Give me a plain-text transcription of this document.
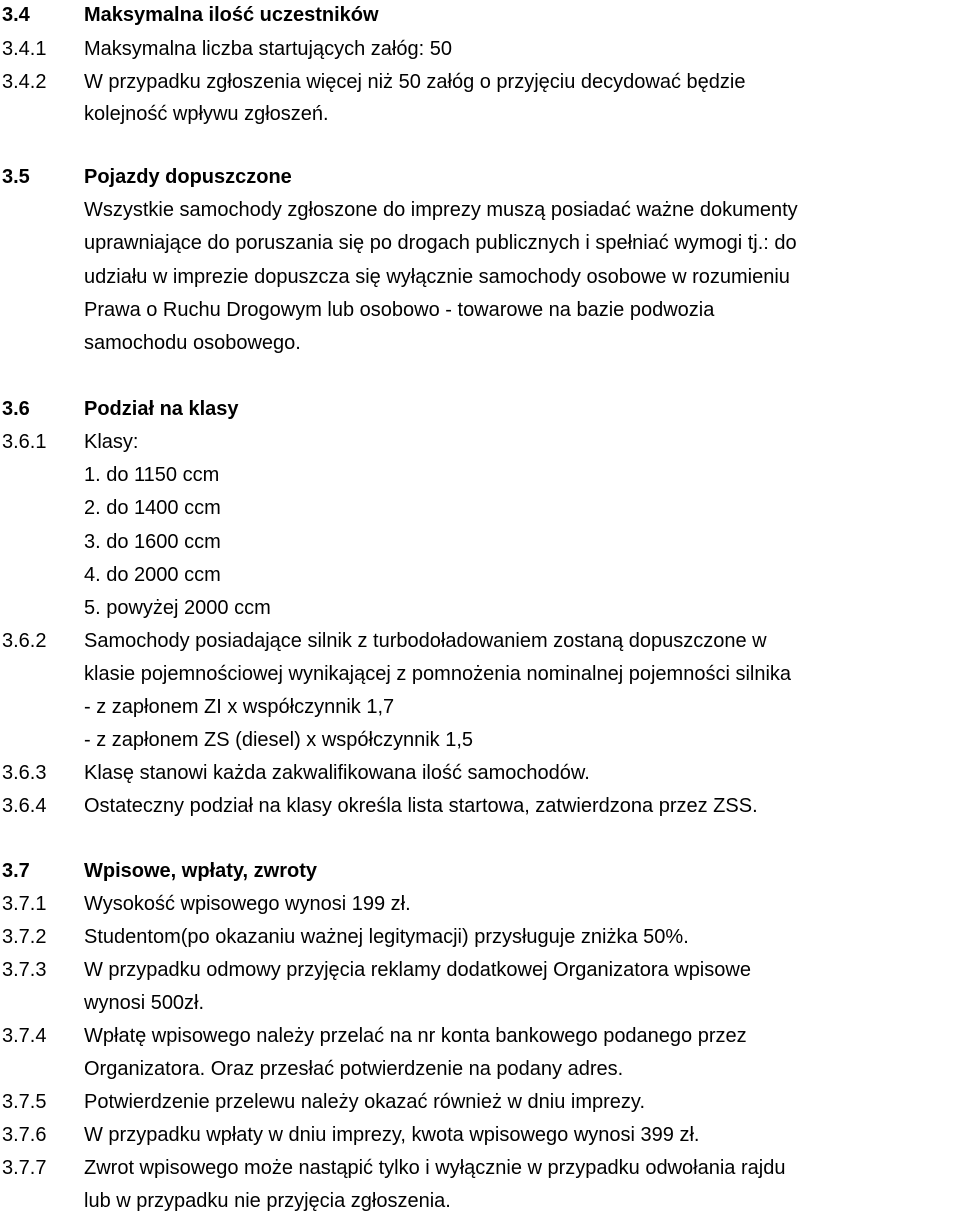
3.4	Maksymalna ilość uczestników
3.4.1 Maksymalna liczba startujących załóg: 50
3.4.2 W przypadku zgłoszenia więcej niż 50 załóg o przyjęciu decydować będzie
kolejność wpływu zgłoszeń.
3.5	Pojazdy dopuszczone
Wszystkie samochody zgłoszone do imprezy muszą posiadać ważne dokumenty
uprawniające do poruszania się po drogach publicznych i spełniać wymogi tj.: do
udziału w imprezie dopuszcza się wyłącznie samochody osobowe w rozumieniu
Prawa o Ruchu Drogowym lub osobowo - towarowe na bazie podwozia
samochodu osobowego.
3.6	Podział na klasy
3.6.1 Klasy:
1. do 1150 ccm
2. do 1400 ccm
3. do 1600 ccm
4. do 2000 ccm
5. powyżej 2000 ccm
3.6.2 Samochody posiadające silnik z turbodoładowaniem zostaną dopuszczone w
klasie pojemnościowej wynikającej z pomnożenia nominalnej pojemności silnika
- z zapłonem ZI x współczynnik 1,7
- z zapłonem ZS (diesel) x współczynnik 1,5
3.6.3 Klasę stanowi każda zakwalifikowana ilość samochodów.
3.6.4 Ostateczny podział na klasy określa lista startowa, zatwierdzona przez ZSS.
3.7	Wpisowe, wpłaty, zwroty
3.7.1 Wysokość wpisowego wynosi 199 zł.
3.7.2 Studentom(po okazaniu ważnej legitymacji) przysługuje zniżka 50%.
3.7.3 W przypadku odmowy przyjęcia reklamy dodatkowej Organizatora wpisowe
wynosi 500zł.
3.7.4 Wpłatę wpisowego należy przelać na nr konta bankowego podanego przez
Organizatora. Oraz przesłać potwierdzenie na podany adres.
3.7.5 Potwierdzenie przelewu należy okazać również w dniu imprezy.
3.7.6 W przypadku wpłaty w dniu imprezy, kwota wpisowego wynosi 399 zł.
3.7.7 Zwrot wpisowego może nastąpić tylko i wyłącznie w przypadku odwołania rajdu
lub w przypadku nie przyjęcia zgłoszenia.
